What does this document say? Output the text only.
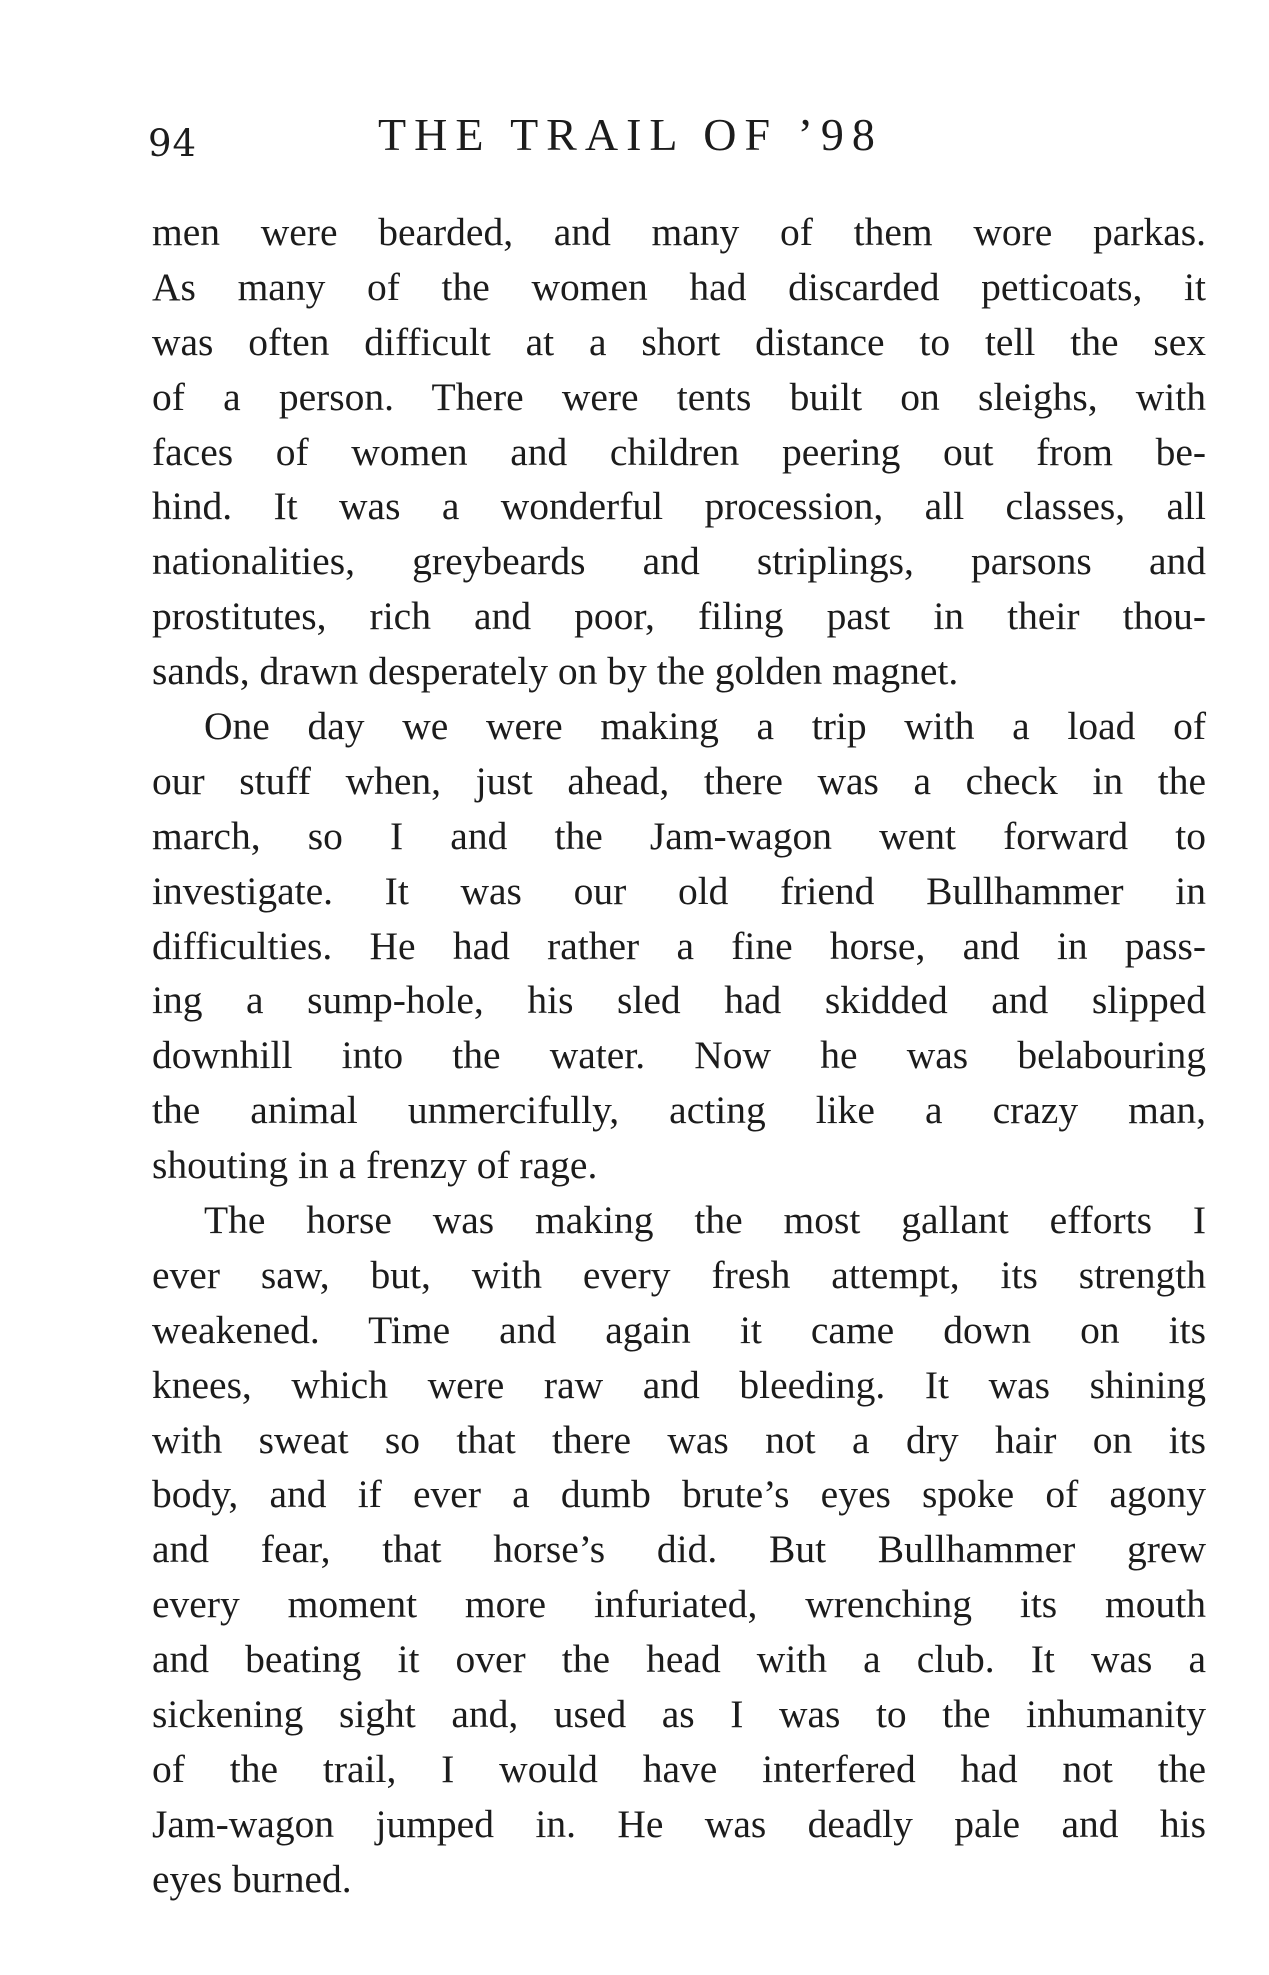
94	THE TRAIL OF ’98
men were bearded, and many of them wore parkas.
As many of the women had discarded petticoats, it
was often difficult at a short distance to tell the sex
of a person. There were tents built on sleighs, with
faces of women and children peering out from be-
hind. It was a wonderful procession, all classes, all
nationalities, greybeards and striplings, parsons and
prostitutes, rich and poor, filing past in their thou-
sands, drawn desperately on by the golden magnet.
One day we were making a trip with a load of
our stuff when, just ahead, there was a check in the
march, so I and the Jam-wagon went forward to
investigate. It was our old friend Bullhammer in
difficulties. He had rather a fine horse, and in pass-
ing a sump-hole, his sled had skidded and slipped
downhill into the water. Now he was belabouring
the animal unmercifully, acting like a crazy man,
shouting in a frenzy of rage.
The horse was making the most gallant efforts I
ever saw, but, with every fresh attempt, its strength
weakened. Time and again it came down on its
knees, which were raw and bleeding. It was shining
with sweat so that there was not a dry hair on its
body, and if ever a dumb brute’s eyes spoke of agony
and fear, that horse’s did. But Bullhammer grew
every moment more infuriated, wrenching its mouth
and beating it over the head with a club. It was a
sickening sight and, used as I was to the inhumanity
of the trail, I would have interfered had not the
Jam-wagon jumped in. He was deadly pale and his
eyes burned.
